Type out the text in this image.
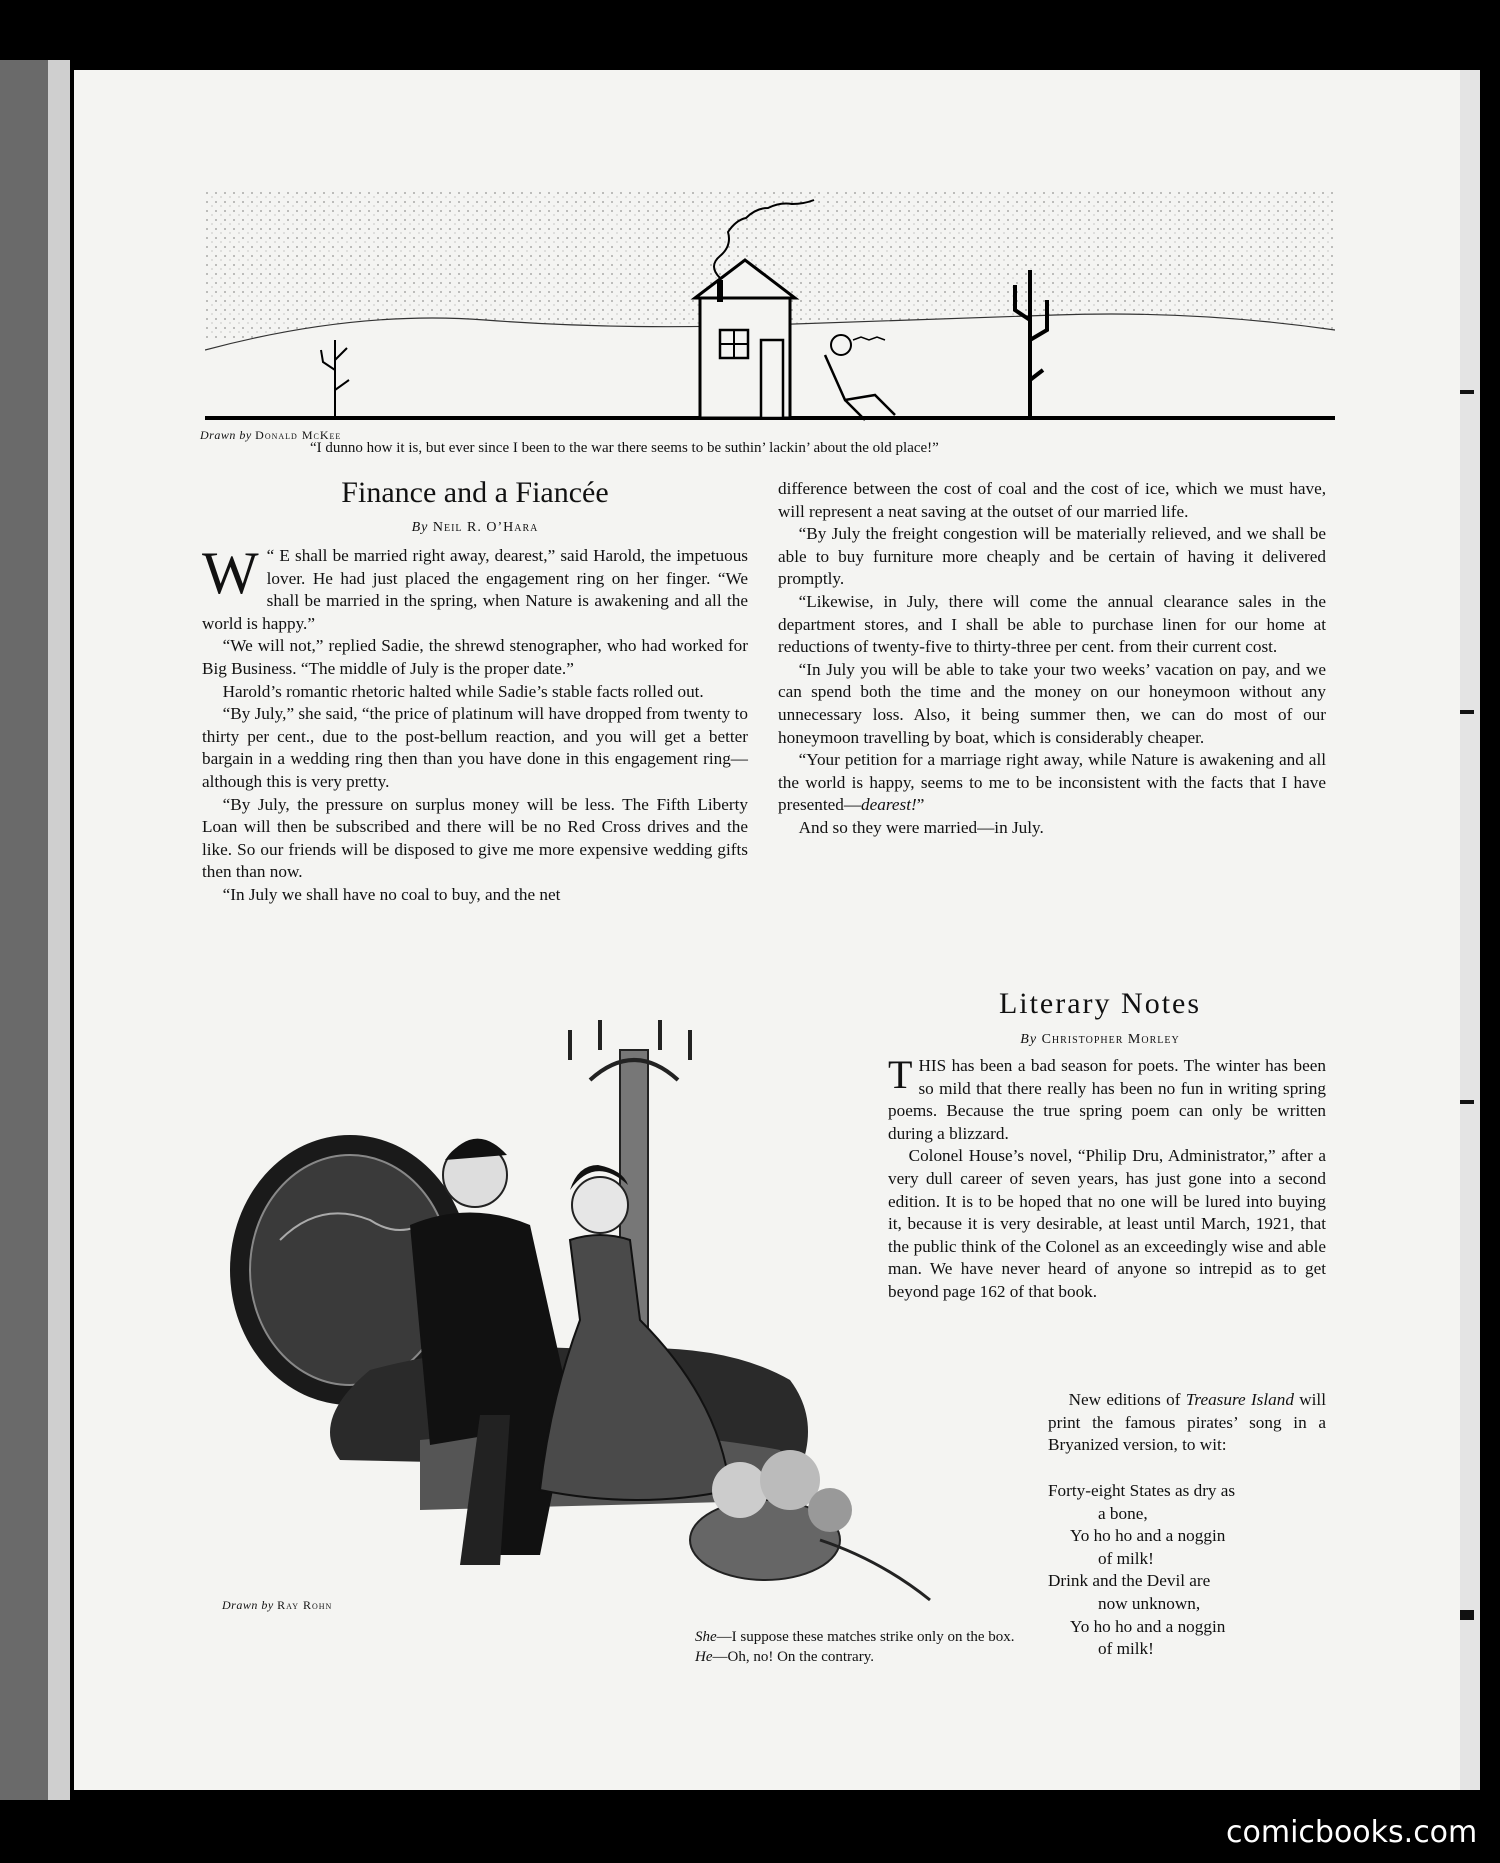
Drawn by Donald McKee
“I dunno how it is, but ever since I been to the war there seems to be suthin’ lackin’ about the old place!”
Finance and a Fiancée
By Neil R. O’Hara

W “ E shall be married right away, dearest,” said Harold, the impetuous lover. He had just placed the engagement ring on her finger. “We shall be married in the spring, when Nature is awakening and all the world is happy.”

“We will not,” replied Sadie, the shrewd stenographer, who had worked for Big Business. “The middle of July is the proper date.”

Harold’s romantic rhetoric halted while Sadie’s stable facts rolled out.

“By July,” she said, “the price of platinum will have dropped from twenty to thirty per cent., due to the post-bellum reaction, and you will get a better bargain in a wedding ring then than you have done in this engagement ring—although this is very pretty.

“By July, the pressure on surplus money will be less. The Fifth Liberty Loan will then be subscribed and there will be no Red Cross drives and the like. So our friends will be disposed to give me more expensive wedding gifts then than now.

“In July we shall have no coal to buy, and the net

difference between the cost of coal and the cost of ice, which we must have, will represent a neat saving at the outset of our married life.

“By July the freight congestion will be materially relieved, and we shall be able to buy furniture more cheaply and be certain of having it delivered promptly.

“Likewise, in July, there will come the annual clearance sales in the department stores, and I shall be able to purchase linen for our home at reductions of twenty-five to thirty-three per cent. from their current cost.

“In July you will be able to take your two weeks’ vacation on pay, and we can spend both the time and the money on our honeymoon without any unnecessary loss. Also, it being summer then, we can do most of our honeymoon travelling by boat, which is considerably cheaper.

“Your petition for a marriage right away, while Nature is awakening and all the world is happy, seems to me to be inconsistent with the facts that I have presented—dearest!”

And so they were married—in July.

Literary Notes
By Christopher Morley

THIS has been a bad season for poets. The winter has been so mild that there really has been no fun in writing spring poems. Because the true spring poem can only be written during a blizzard.

Colonel House’s novel, “Philip Dru, Administrator,” after a very dull career of seven years, has just gone into a second edition. It is to be hoped that no one will be lured into buying it, because it is very desirable, at least until March, 1921, that the public think of the Colonel as an exceedingly wise and able man. We have never heard of anyone so intrepid as to get beyond page 162 of that book.

New editions of Treasure Island will print the famous pirates’ song in a Bryanized version, to wit:

Forty-eight States as dry as
a bone,
Yo ho ho and a noggin
of milk!
Drink and the Devil are
now unknown,
Yo ho ho and a noggin
of milk!
Drawn by Ray Rohn
She—I suppose these matches strike only on the box.
He—Oh, no! On the contrary.
comicbooks.com
